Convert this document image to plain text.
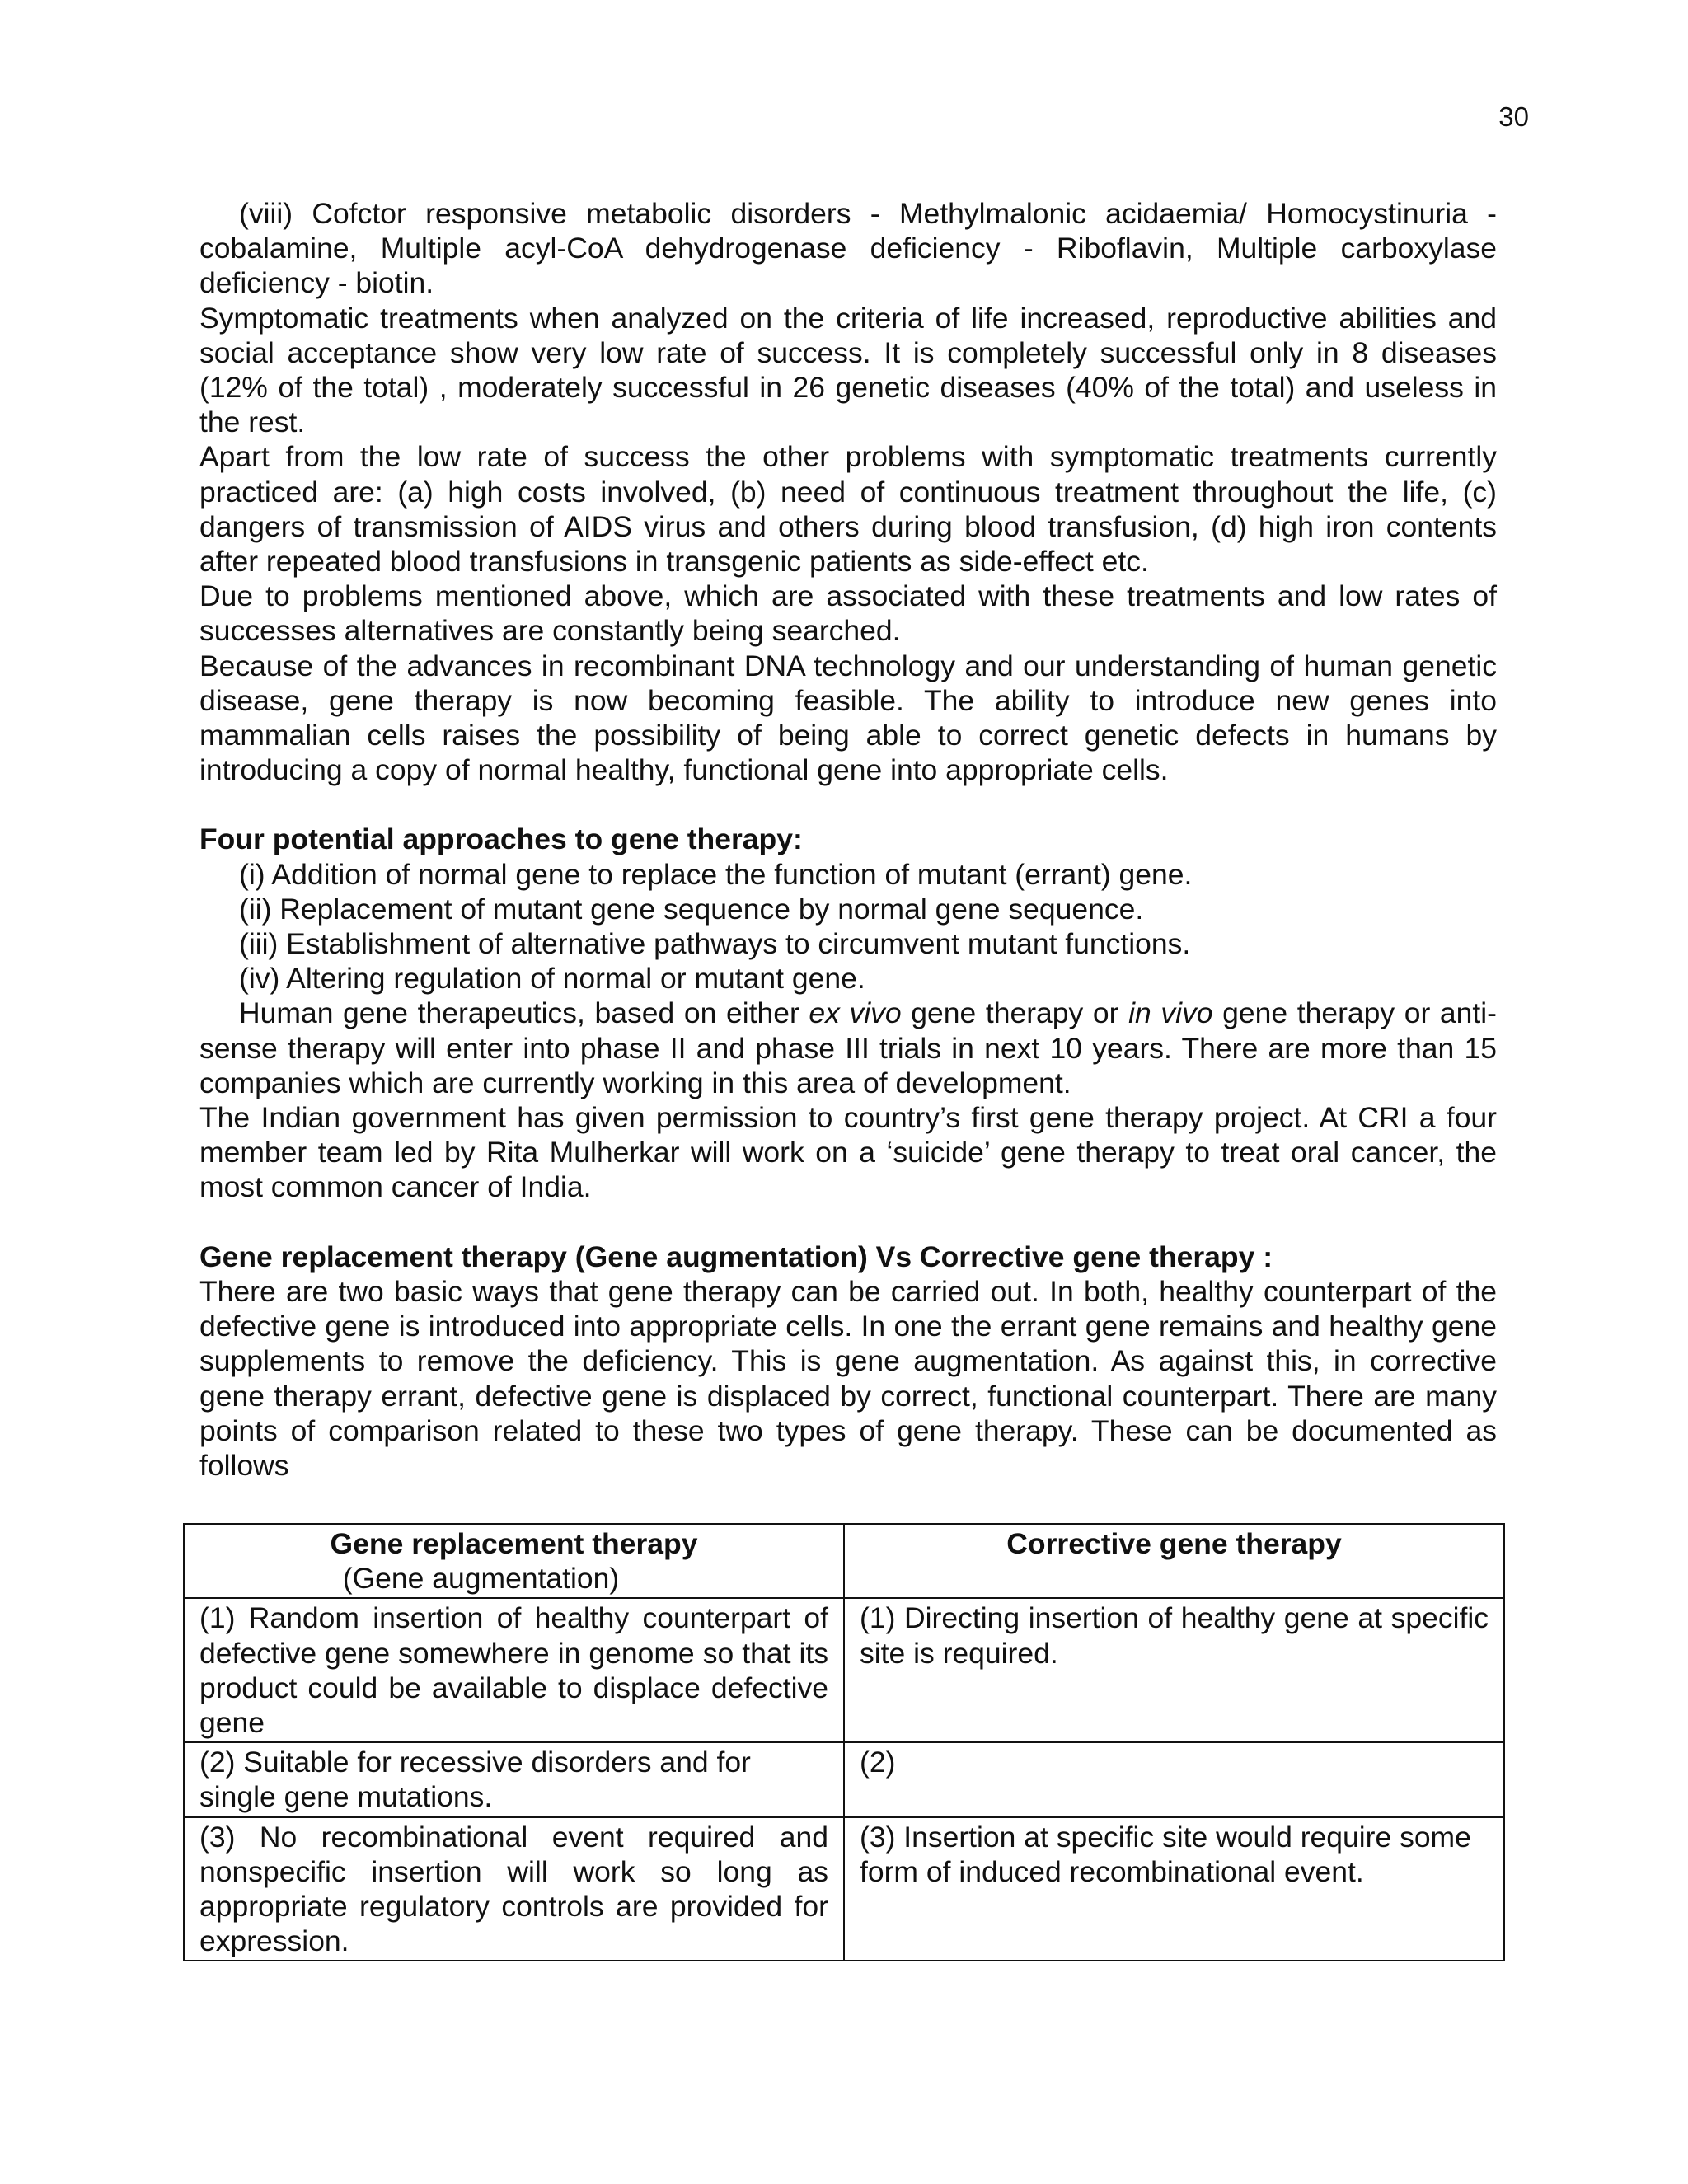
30

(viii) Cofctor responsive metabolic disorders - Methylmalonic acidaemia/ Homocystinuria - cobalamine, Multiple acyl-CoA dehydrogenase deficiency - Riboflavin, Multiple carboxylase deficiency - biotin.

Symptomatic treatments when analyzed on the criteria of life increased, reproductive abilities and social acceptance show very low rate of success. It is completely successful only in 8 diseases (12% of the total) , moderately successful in 26 genetic diseases (40% of the total) and useless in the rest.

Apart from the low rate of success the other problems with symptomatic treatments currently practiced are: (a) high costs involved, (b) need of continuous treatment throughout the life, (c) dangers of transmission of AIDS virus and others during blood transfusion, (d) high iron contents after repeated blood transfusions in transgenic patients as side-effect etc.

Due to problems mentioned above, which are associated with these treatments and low rates of successes alternatives are constantly being searched.

Because of the advances in recombinant DNA technology and our understanding of human genetic disease, gene therapy is now becoming feasible. The ability to introduce new genes into mammalian cells raises the possibility of being able to correct genetic defects in humans by introducing a copy of normal healthy, functional gene into appropriate cells.

Four potential approaches to gene therapy:

(i) Addition of normal gene to replace the function of mutant (errant) gene.

(ii) Replacement of mutant gene sequence by normal gene sequence.

(iii) Establishment of alternative pathways to circumvent mutant functions.

(iv) Altering regulation of normal or mutant gene.

Human gene therapeutics, based on either ex vivo gene therapy or in vivo gene therapy or anti-sense therapy will enter into phase II and phase III trials in next 10 years. There are more than 15 companies which are currently working in this area of development.

The Indian government has given permission to country’s first gene therapy project. At CRI a four member team led by Rita Mulherkar will work on a ‘suicide’ gene therapy to treat oral cancer, the most common cancer of India.

Gene replacement therapy (Gene augmentation) Vs Corrective gene therapy :

There are two basic ways that gene therapy can be carried out. In both, healthy counterpart of the defective gene is introduced into appropriate cells. In one the errant gene remains and healthy gene supplements to remove the deficiency. This is gene augmentation. As against this, in corrective gene therapy errant, defective gene is displaced by correct, functional counterpart. There are many points of comparison related to these two types of gene therapy. These can be documented as follows

Gene replacement therapy
(Gene augmentation)	Corrective gene therapy

(1) Random insertion of healthy counterpart of defective gene somewhere in genome so that its product could be available to displace defective gene	(1) Directing insertion of healthy gene at specific site is required.
(2) Suitable for recessive disorders and for single gene mutations.	(2)
(3) No recombinational event required and nonspecific insertion will work so long as appropriate regulatory controls are provided for expression.	(3) Insertion at specific site would require some form of induced recombinational event.
